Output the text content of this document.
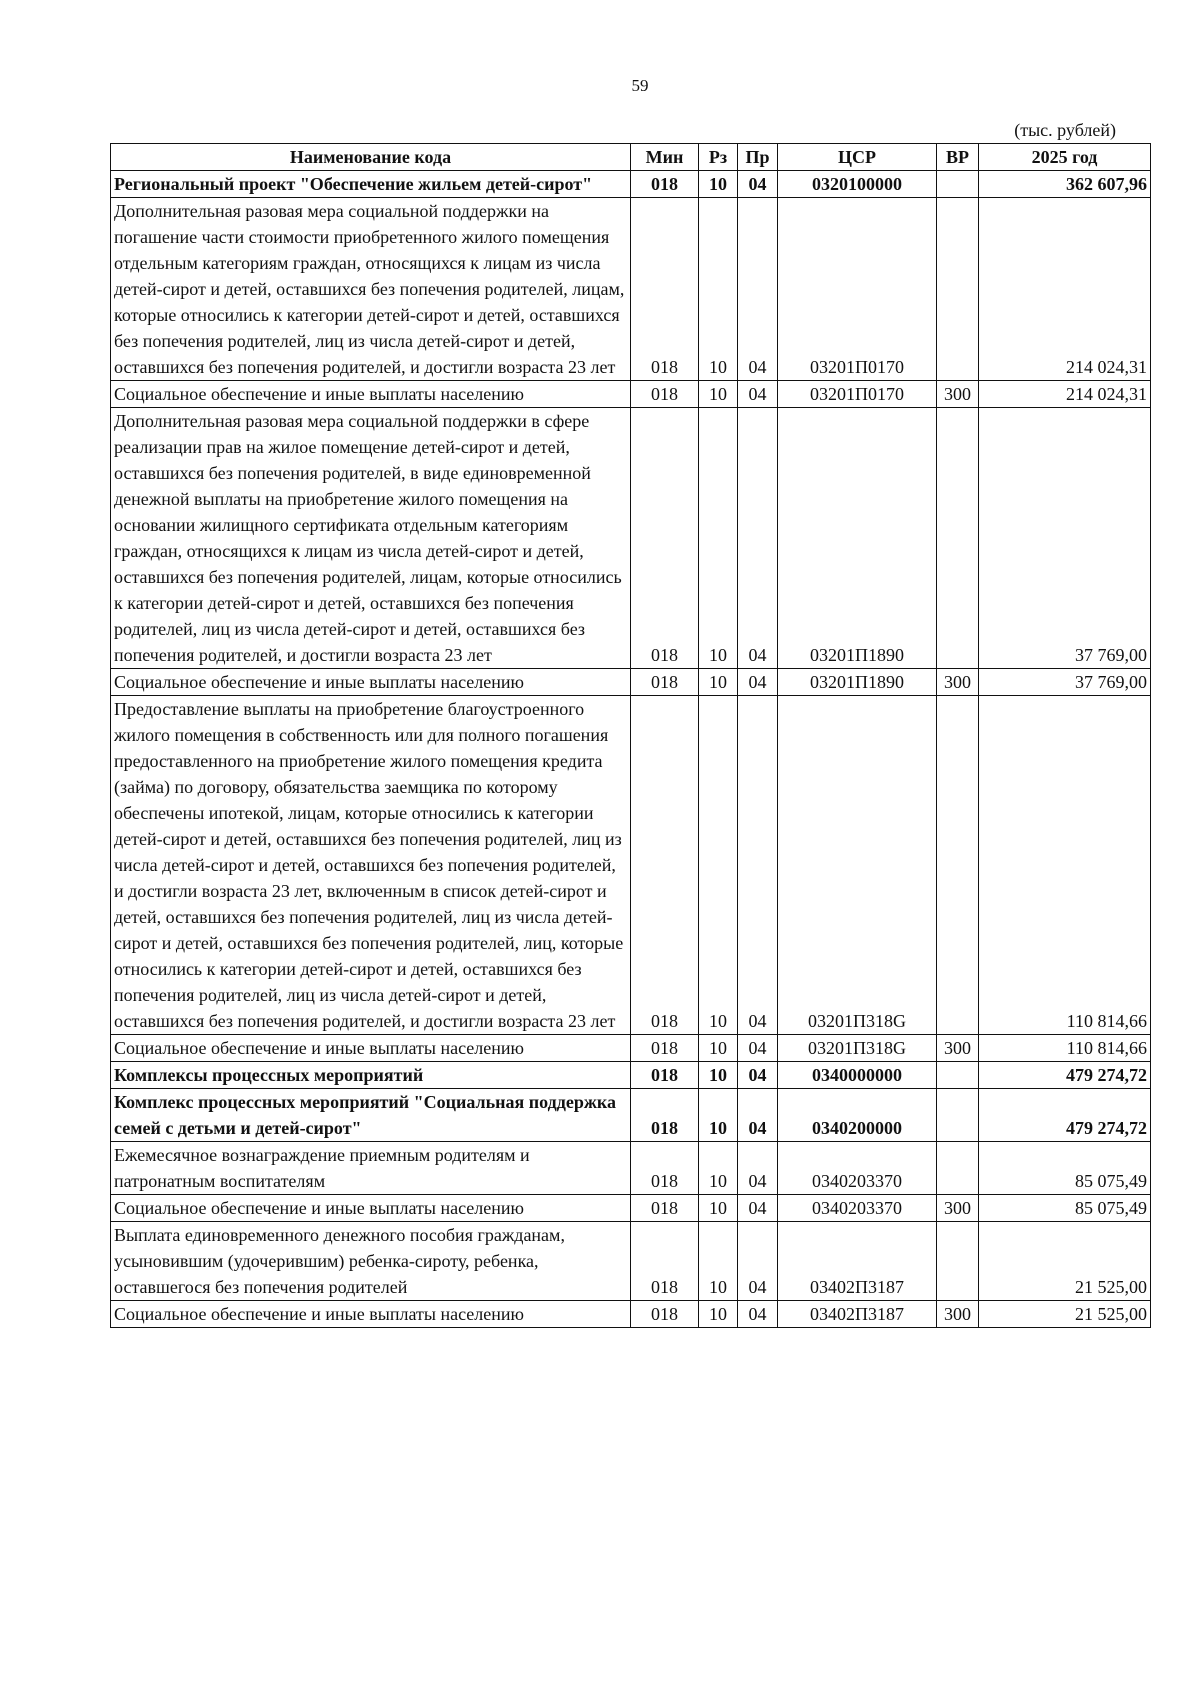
59
(тыс. рублей)
Наименование кода	Мин	Рз	Пр	ЦСР	ВР	2025 год
Региональный проект "Обеспечение жильем детей-сирот"	018	10	04	0320100000		362 607,96
Дополнительная разовая мера социальной поддержки на погашение части стоимости приобретенного жилого помещения отдельным категориям граждан, относящихся к лицам из числа детей-сирот и детей, оставшихся без попечения родителей, лицам, которые относились к категории детей-сирот и детей, оставшихся без попечения родителей, лиц из числа детей-сирот и детей, оставшихся без попечения родителей, и достигли возраста 23 лет	018	10	04	03201П0170		214 024,31
Социальное обеспечение и иные выплаты населению	018	10	04	03201П0170	300	214 024,31
Дополнительная разовая мера социальной поддержки в сфере реализации прав на жилое помещение детей-сирот и детей, оставшихся без попечения родителей, в виде единовременной денежной выплаты на приобретение жилого помещения на основании жилищного сертификата отдельным категориям граждан, относящихся к лицам из числа детей-сирот и детей, оставшихся без попечения родителей, лицам, которые относились к категории детей-сирот и детей, оставшихся без попечения родителей, лиц из числа детей-сирот и детей, оставшихся без попечения родителей, и достигли возраста 23 лет	018	10	04	03201П1890		37 769,00
Социальное обеспечение и иные выплаты населению	018	10	04	03201П1890	300	37 769,00
Предоставление выплаты на приобретение благоустроенного жилого помещения в собственность или для полного погашения предоставленного на приобретение жилого помещения кредита (займа) по договору, обязательства заемщика по которому обеспечены ипотекой, лицам, которые относились к категории детей-сирот и детей, оставшихся без попечения родителей, лиц из числа детей-сирот и детей, оставшихся без попечения родителей, и достигли возраста 23 лет, включенным в список детей-сирот и детей, оставшихся без попечения родителей, лиц из числа детей-сирот и детей, оставшихся без попечения родителей, лиц, которые относились к категории детей-сирот и детей, оставшихся без попечения родителей, лиц из числа детей-сирот и детей, оставшихся без попечения родителей, и достигли возраста 23 лет	018	10	04	03201П318G		110 814,66
Социальное обеспечение и иные выплаты населению	018	10	04	03201П318G	300	110 814,66
Комплексы процессных мероприятий	018	10	04	0340000000		479 274,72
Комплекс процессных мероприятий "Социальная поддержка семей с детьми и детей-сирот"	018	10	04	0340200000		479 274,72
Ежемесячное вознаграждение приемным родителям и патронатным воспитателям	018	10	04	0340203370		85 075,49
Социальное обеспечение и иные выплаты населению	018	10	04	0340203370	300	85 075,49
Выплата единовременного денежного пособия гражданам, усыновившим (удочерившим) ребенка-сироту, ребенка, оставшегося без попечения родителей	018	10	04	03402П3187		21 525,00
Социальное обеспечение и иные выплаты населению	018	10	04	03402П3187	300	21 525,00
